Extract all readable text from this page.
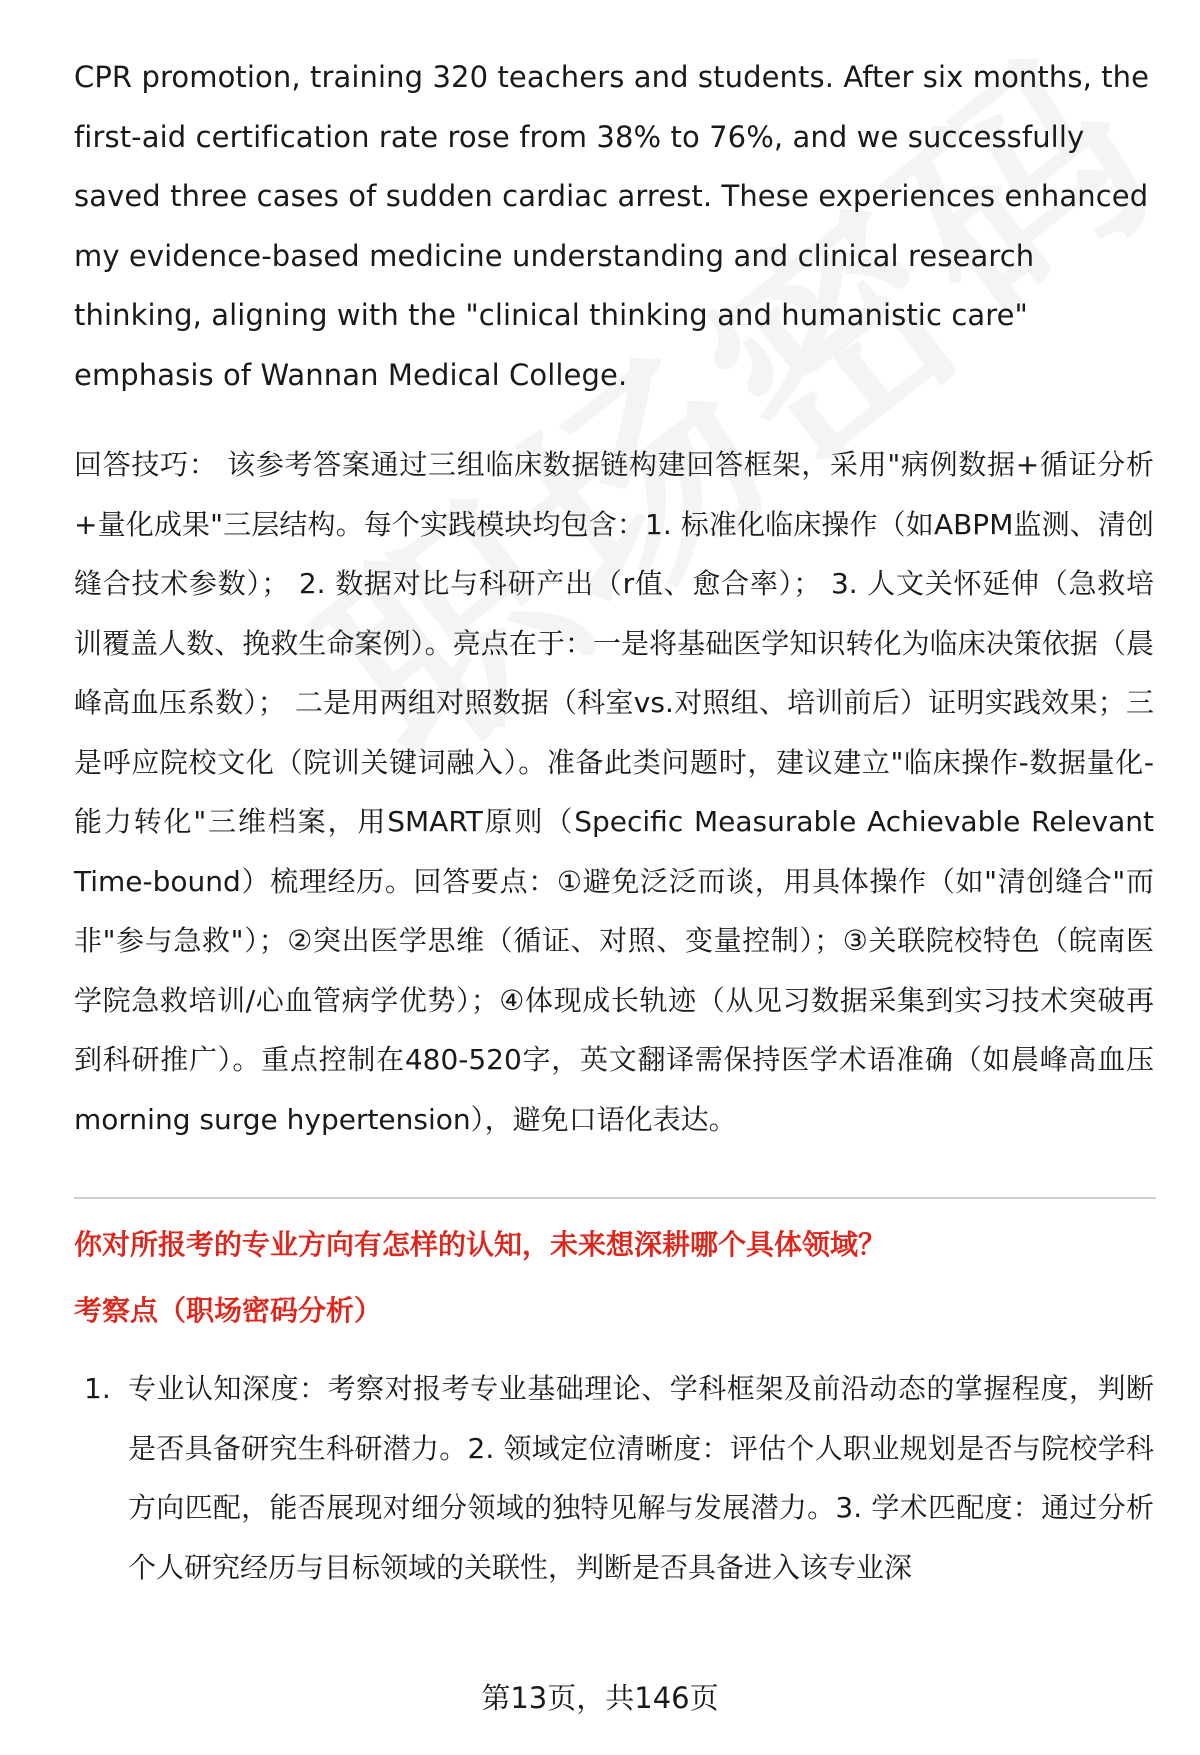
CPR promotion, training 320 teachers and students. After six months, the first-aid certification rate rose from 38% to 76%, and we successfully saved three cases of sudden cardiac arrest. These experiences enhanced my evidence-based medicine understanding and clinical research thinking, aligning with the "clinical thinking and humanistic care" emphasis of Wannan Medical College.

回答技巧： 该参考答案通过三组临床数据链构建回答框架，采用"病例数据+循证分析+量化成果"三层结构。每个实践模块均包含：1. 标准化临床操作（如ABPM监测、清创缝合技术参数）； 2. 数据对比与科研产出（r值、愈合率）； 3. 人文关怀延伸（急救培训覆盖人数、挽救生命案例）。亮点在于：一是将基础医学知识转化为临床决策依据（晨峰高血压系数）； 二是用两组对照数据（科室vs.对照组、培训前后）证明实践效果；三是呼应院校文化（院训关键词融入）。准备此类问题时，建议建立"临床操作-数据量化-能力转化"三维档案，用SMART原则（Specific Measurable Achievable Relevant Time-bound）梳理经历。回答要点：①避免泛泛而谈，用具体操作（如"清创缝合"而非"参与急救"）；②突出医学思维（循证、对照、变量控制）；③关联院校特色（皖南医学院急救培训/心血管病学优势）；④体现成长轨迹（从见习数据采集到实习技术突破再到科研推广）。重点控制在480-520字，英文翻译需保持医学术语准确（如晨峰高血压morning surge hypertension），避免口语化表达。

你对所报考的专业方向有怎样的认知，未来想深耕哪个具体领域？
考察点（职场密码分析）
1. 专业认知深度：考察对报考专业基础理论、学科框架及前沿动态的掌握程度，判断是否具备研究生科研潜力。2. 领域定位清晰度：评估个人职业规划是否与院校学科方向匹配，能否展现对细分领域的独特见解与发展潜力。3. 学术匹配度：通过分析个人研究经历与目标领域的关联性，判断是否具备进入该专业深
第13页，共146页
